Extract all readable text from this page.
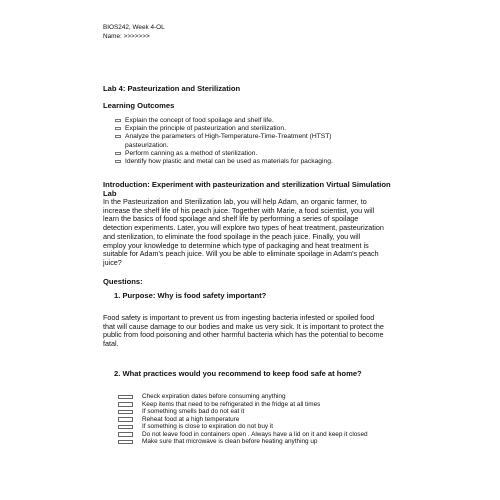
BIOS242, Week 4-OL
Name: >>>>>>>
Lab 4: Pasteurization and Sterilization
Learning Outcomes
Explain the concept of food spoilage and shelf life.
Explain the principle of pasteurization and sterilization.
Analyze the parameters of High-Temperature-Time-Treatment (HTST)
pasteurization.
Perform canning as a method of sterilization.
Identify how plastic and metal can be used as materials for packaging.
Introduction: Experiment with pasteurization and sterilization Virtual Simulation
Lab
In the Pasteurization and Sterilization lab, you will help Adam, an organic farmer, to
increase the shelf life of his peach juice. Together with Marie, a food scientist, you will
learn the basics of food spoilage and shelf life by performing a series of spoilage
detection experiments. Later, you will explore two types of heat treatment, pasteurization
and sterilization, to eliminate the food spoilage in the peach juice. Finally, you will
employ your knowledge to determine which type of packaging and heat treatment is
suitable for Adam's peach juice. Will you be able to eliminate spoilage in Adam's peach
juice?
Questions:
1. Purpose: Why is food safety important?
Food safety is important to prevent us from ingesting bacteria infested or spoiled food
that will cause damage to our bodies and make us very sick. It is important to protect the
public from food poisoning and other harmful bacteria which has the potential to become
fatal.
2. What practices would you recommend to keep food safe at home?
Check expiration dates before consuming anything
Keep items that need to be refrigerated in the fridge at all times
If something smells bad do not eat it
Reheat food at a high temperature
If something is close to expiration do not buy it
Do not leave food in containers open . Always have a lid on it and keep it closed
Make sure that microwave is clean before heating anything up
